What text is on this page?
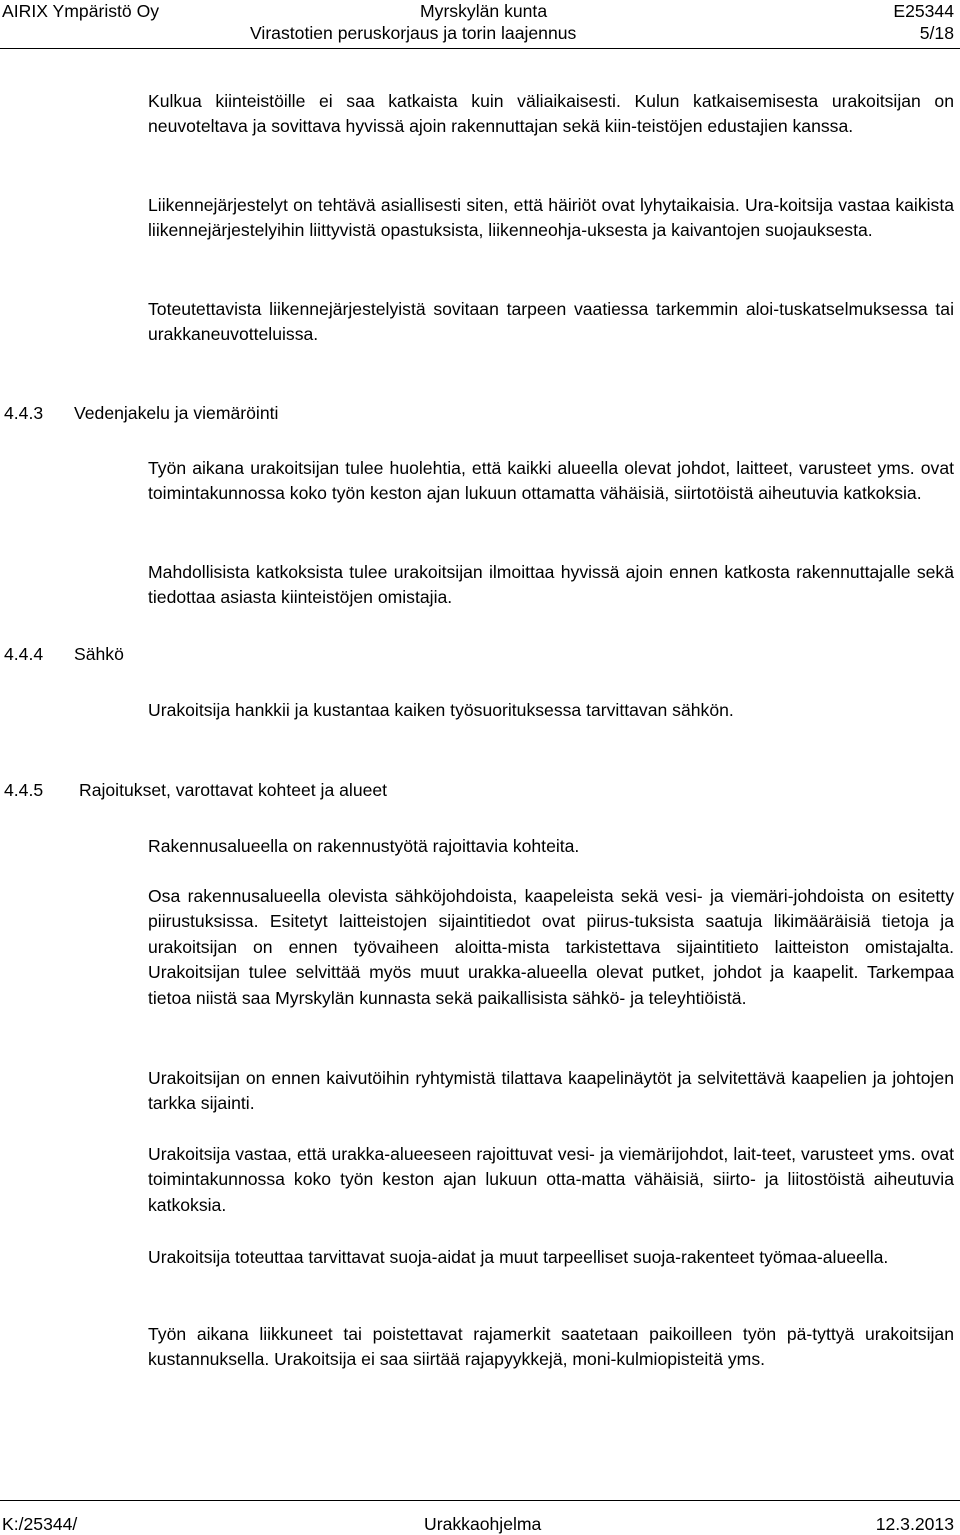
AIRIX Ympäristö Oy	Myrskylän kunta
Virastotien peruskorjaus ja torin laajennus
E25344
5/18

Kulkua kiinteistöille ei saa katkaista kuin väliaikaisesti. Kulun katkaisemisesta urakoitsijan on neuvoteltava ja sovittava hyvissä ajoin rakennuttajan sekä kiin-teistöjen edustajien kanssa.

Liikennejärjestelyt on tehtävä asiallisesti siten, että häiriöt ovat lyhytaikaisia. Ura-koitsija vastaa kaikista liikennejärjestelyihin liittyvistä opastuksista, liikenneohja-uksesta ja kaivantojen suojauksesta.

Toteutettavista liikennejärjestelyistä sovitaan tarpeen vaatiessa tarkemmin aloi-tuskatselmuksessa tai urakkaneuvotteluissa.

4.4.3 Vedenjakelu ja viemäröinti

Työn aikana urakoitsijan tulee huolehtia, että kaikki alueella olevat johdot, laitteet, varusteet yms. ovat toimintakunnossa koko työn keston ajan lukuun ottamatta vähäisiä, siirtotöistä aiheutuvia katkoksia.

Mahdollisista katkoksista tulee urakoitsijan ilmoittaa hyvissä ajoin ennen katkosta rakennuttajalle sekä tiedottaa asiasta kiinteistöjen omistajia.

4.4.4 Sähkö

Urakoitsija hankkii ja kustantaa kaiken työsuorituksessa tarvittavan sähkön.

4.4.5 Rajoitukset, varottavat kohteet ja alueet

Rakennusalueella on rakennustyötä rajoittavia kohteita.

Osa rakennusalueella olevista sähköjohdoista, kaapeleista sekä vesi- ja viemäri-johdoista on esitetty piirustuksissa. Esitetyt laitteistojen sijaintitiedot ovat piirus-tuksista saatuja likimääräisiä tietoja ja urakoitsijan on ennen työvaiheen aloitta-mista tarkistettava sijaintitieto laitteiston omistajalta. Urakoitsijan tulee selvittää myös muut urakka-alueella olevat putket, johdot ja kaapelit. Tarkempaa tietoa niistä saa Myrskylän kunnasta sekä paikallisista sähkö- ja teleyhtiöistä.

Urakoitsijan on ennen kaivutöihin ryhtymistä tilattava kaapelinäytöt ja selvitettävä kaapelien ja johtojen tarkka sijainti.

Urakoitsija vastaa, että urakka-alueeseen rajoittuvat vesi- ja viemärijohdot, lait-teet, varusteet yms. ovat toimintakunnossa koko työn keston ajan lukuun otta-matta vähäisiä, siirto- ja liitostöistä aiheutuvia katkoksia.

Urakoitsija toteuttaa tarvittavat suoja-aidat ja muut tarpeelliset suoja-rakenteet työmaa-alueella.

Työn aikana liikkuneet tai poistettavat rajamerkit saatetaan paikoilleen työn pä-tyttyä urakoitsijan kustannuksella. Urakoitsija ei saa siirtää rajapyykkejä, moni-kulmiopisteitä yms.

K:/25344/	Urakkaohjelma	12.3.2013
